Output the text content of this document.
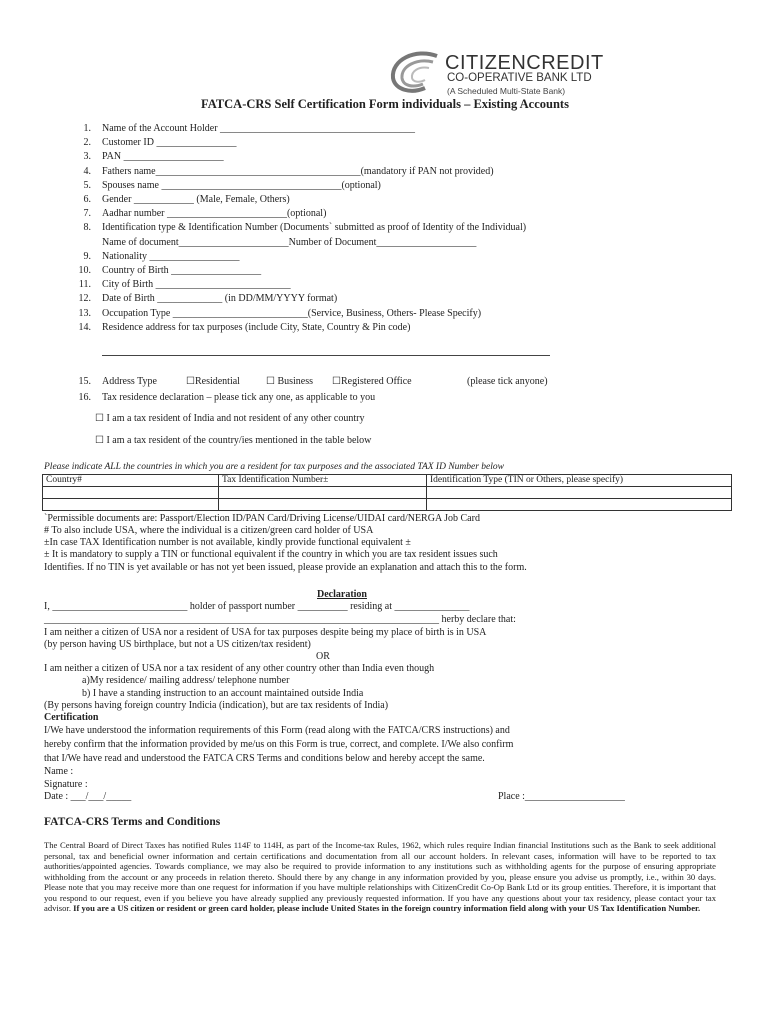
CITIZENCREDIT
CO-OPERATIVE BANK LTD
(A Scheduled Multi-State Bank)
FATCA-CRS Self Certification Form individuals – Existing Accounts
1. Name of the Account Holder _______________________________________
2. Customer ID ________________
3. PAN ____________________
4. Fathers name_________________________________________(mandatory if PAN not provided)
5. Spouses name ____________________________________(optional)
6. Gender ____________ (Male, Female, Others)
7. Aadhar number ________________________(optional)
8. Identification type & Identification Number (Documents` submitted as proof of Identity of the Individual)
Name of document______________________Number of Document____________________
9. Nationality __________________
10. Country of Birth __________________
11. City of Birth ___________________________
12. Date of Birth _____________ (in DD/MM/YYYY format)
13. Occupation Type ___________________________(Service, Business, Others- Please Specify)
14. Residence address for tax purposes (include City, State, Country & Pin code)
15. Address Type	☐Residential	☐ Business ☐Registered Office	(please tick anyone)
16. Tax residence declaration – please tick any one, as applicable to you
☐ I am a tax resident of India and not resident of any other country
☐ I am a tax resident of the country/ies mentioned in the table below
Please indicate ALL the countries in which you are a resident for tax purposes and the associated TAX ID Number below
Country#	Tax Identification Number±	Identification Type (TIN or Others, please specify)

`Permissible documents are: Passport/Election ID/PAN Card/Driving License/UIDAI card/NERGA Job Card
# To also include USA, where the individual is a citizen/green card holder of USA
±In case TAX Identification number is not available, kindly provide functional equivalent ±
± It is mandatory to supply a TIN or functional equivalent if the country in which you are tax resident issues such
Identifies. If no TIN is yet available or has not yet been issued, please provide an explanation and attach this to the form.
Declaration
I, ___________________________ holder of passport number __________ residing at _______________
_______________________________________________________________________________ herby declare that:
I am neither a citizen of USA nor a resident of USA for tax purposes despite being my place of birth is in USA
(by person having US birthplace, but not a US citizen/tax resident)
OR
I am neither a citizen of USA nor a tax resident of any other country other than India even though
a)My residence/ mailing address/ telephone number
b) I have a standing instruction to an account maintained outside India
(By persons having foreign country Indicia (indication), but are tax residents of India)
Certification
I/We have understood the information requirements of this Form (read along with the FATCA/CRS instructions) and
hereby confirm that the information provided by me/us on this Form is true, correct, and complete. I/We also confirm
that I/We have read and understood the FATCA CRS Terms and conditions below and hereby accept the same.
Name :
Signature :
Date : ___/___/_____	Place :____________________
FATCA-CRS Terms and Conditions
The Central Board of Direct Taxes has notified Rules 114F to 114H, as part of the Income-tax Rules, 1962, which rules require Indian financial Institutions such as the Bank to seek additional personal, tax and beneficial owner information and certain certifications and documentation from all our account holders. In relevant cases, information will have to be reported to tax authorities/appointed agencies. Towards compliance, we may also be required to provide information to any institutions such as withholding agents for the purpose of ensuring appropriate withholding from the account or any proceeds in relation thereto. Should there by any change in any information provided by you, please ensure you advise us promptly, i.e., within 30 days. Please note that you may receive more than one request for information if you have multiple relationships with CitizenCredit Co-Op Bank Ltd or its group entities. Therefore, it is important that you respond to our request, even if you believe you have already supplied any previously requested information. If you have any questions about your tax residency, please contact your tax advisor. If you are a US citizen or resident or green card holder, please include United States in the foreign country information field along with your US Tax Identification Number.
